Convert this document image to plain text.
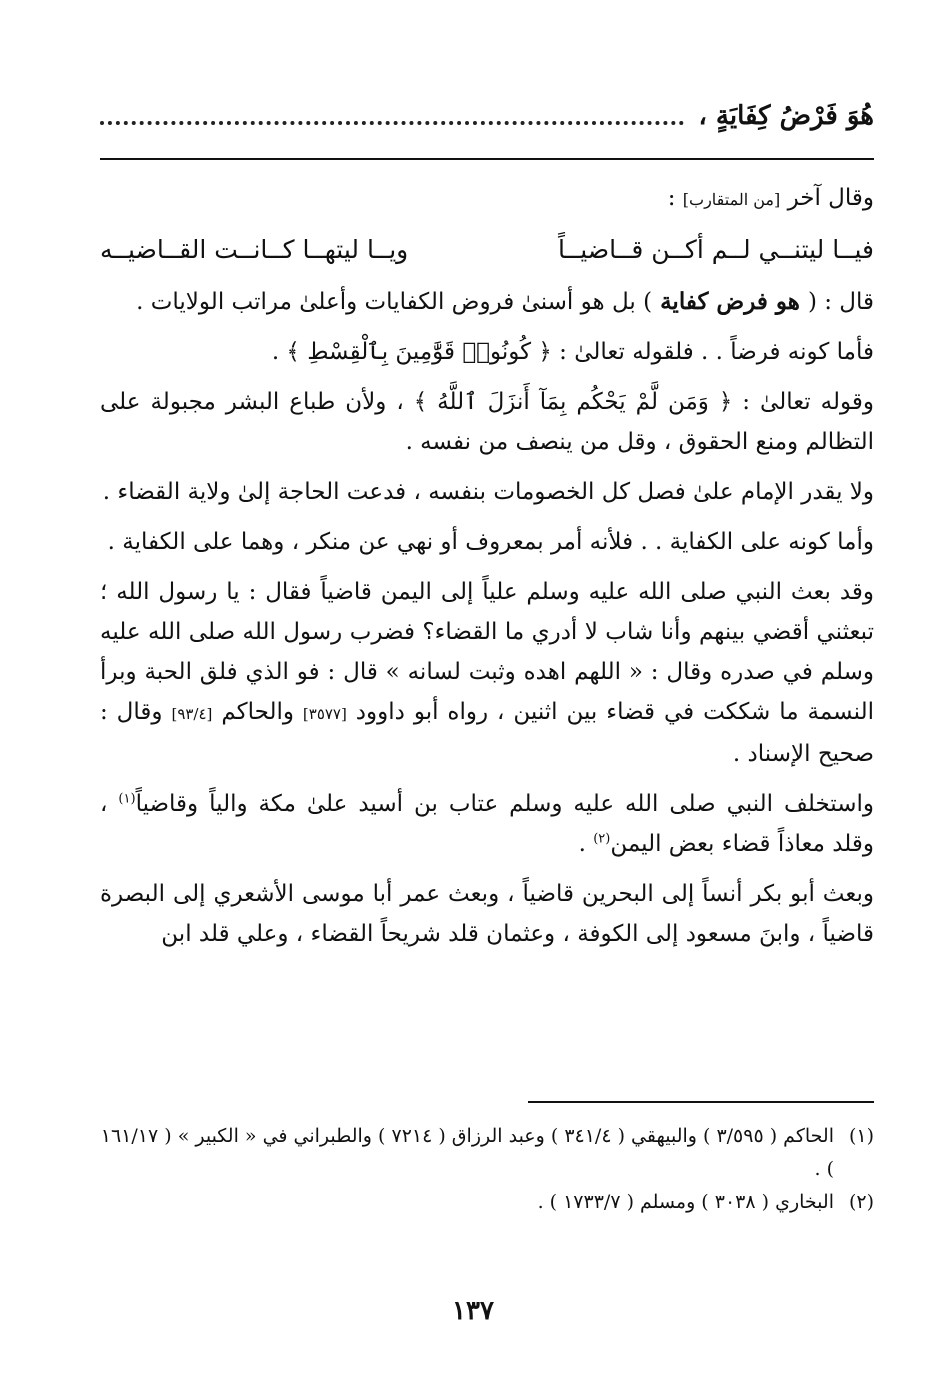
هُوَ فَرْضُ كِفَايَةٍ ،

وقال آخر [من المتقارب] :

فيــا ليتنــي لــم أكــن قــاضيــاً
ويــا ليتهــا كــانــت القــاضيــه

قال : ( هو فرض كفاية ) بل هو أسنىٰ فروض الكفايات وأعلىٰ مراتب الولايات .

فأما كونه فرضاً . . فلقوله تعالىٰ : ﴿ كُونُوا۟ قَوَّٰمِينَ بِٱلْقِسْطِ ﴾ .

وقوله تعالىٰ : ﴿ وَمَن لَّمْ يَحْكُم بِمَآ أَنزَلَ ٱللَّهُ ﴾ ، ولأن طباع البشر مجبولة على التظالم ومنع الحقوق ، وقل من ينصف من نفسه .

ولا يقدر الإمام علىٰ فصل كل الخصومات بنفسه ، فدعت الحاجة إلىٰ ولاية القضاء .

وأما كونه على الكفاية . . فلأنه أمر بمعروف أو نهي عن منكر ، وهما على الكفاية .

وقد بعث النبي صلى الله عليه وسلم علياً إلى اليمن قاضياً فقال : يا رسول الله ؛ تبعثني أقضي بينهم وأنا شاب لا أدري ما القضاء؟ فضرب رسول الله صلى الله عليه وسلم في صدره وقال : « اللهم اهده وثبت لسانه » قال : فو الذي فلق الحبة وبرأ النسمة ما شككت في قضاء بين اثنين ، رواه أبو داوود [٣٥٧٧] والحاكم [٩٣/٤] وقال : صحيح الإسناد .

واستخلف النبي صلى الله عليه وسلم عتاب بن أسيد علىٰ مكة والياً وقاضياً$^{(١)}$ ، وقلد معاذاً قضاء بعض اليمن$^{(٢)}$ .

وبعث أبو بكر أنساً إلى البحرين قاضياً ، وبعث عمر أبا موسى الأشعري إلى البصرة قاضياً ، وابنَ مسعود إلى الكوفة ، وعثمان قلد شريحاً القضاء ، وعلي قلد ابن

(١)
الحاكم ( ٣/٥٩٥ ) والبيهقي ( ٣٤١/٤ ) وعبد الرزاق ( ٧٢١٤ ) والطبراني في « الكبير » ( ١٦١/١٧ ) .
(٢)
البخاري ( ٣٠٣٨ ) ومسلم ( ١٧٣٣/٧ ) .
١٣٧
